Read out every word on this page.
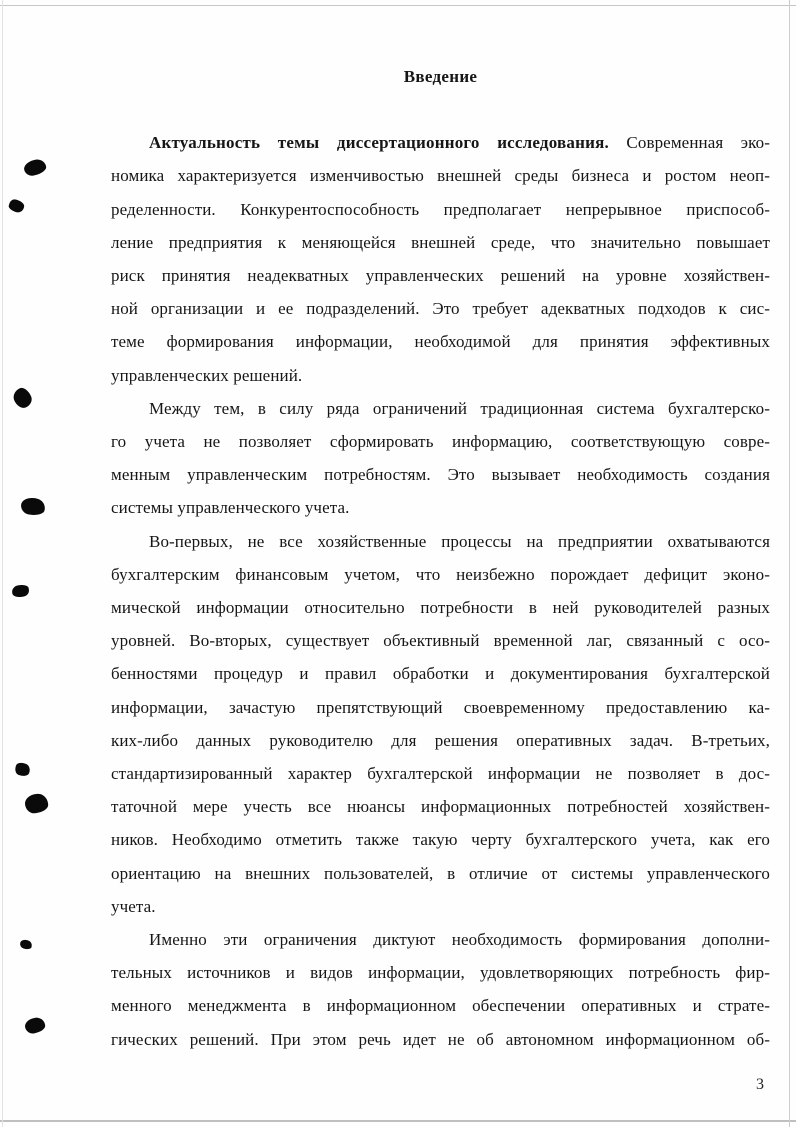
Введение
Актуальность темы диссертационного исследования. Современная эко-
номика характеризуется изменчивостью внешней среды бизнеса и ростом неоп-
ределенности. Конкурентоспособность предполагает непрерывное приспособ-
ление предприятия к меняющейся внешней среде, что значительно повышает
риск принятия неадекватных управленческих решений на уровне хозяйствен-
ной организации и ее подразделений. Это требует адекватных подходов к сис-
теме формирования информации, необходимой для принятия эффективных
управленческих решений.
Между тем, в силу ряда ограничений традиционная система бухгалтерско-
го учета не позволяет сформировать информацию, соответствующую совре-
менным управленческим потребностям. Это вызывает необходимость создания
системы управленческого учета.
Во-первых, не все хозяйственные процессы на предприятии охватываются
бухгалтерским финансовым учетом, что неизбежно порождает дефицит эконо-
мической информации относительно потребности в ней руководителей разных
уровней. Во-вторых, существует объективный временной лаг, связанный с осо-
бенностями процедур и правил обработки и документирования бухгалтерской
информации, зачастую препятствующий своевременному предоставлению ка-
ких-либо данных руководителю для решения оперативных задач. В-третьих,
стандартизированный характер бухгалтерской информации не позволяет в дос-
таточной мере учесть все нюансы информационных потребностей хозяйствен-
ников. Необходимо отметить также такую черту бухгалтерского учета, как его
ориентацию на внешних пользователей, в отличие от системы управленческого
учета.
Именно эти ограничения диктуют необходимость формирования дополни-
тельных источников и видов информации, удовлетворяющих потребность фир-
менного менеджмента в информационном обеспечении оперативных и страте-
гических решений. При этом речь идет не об автономном информационном об-
3
